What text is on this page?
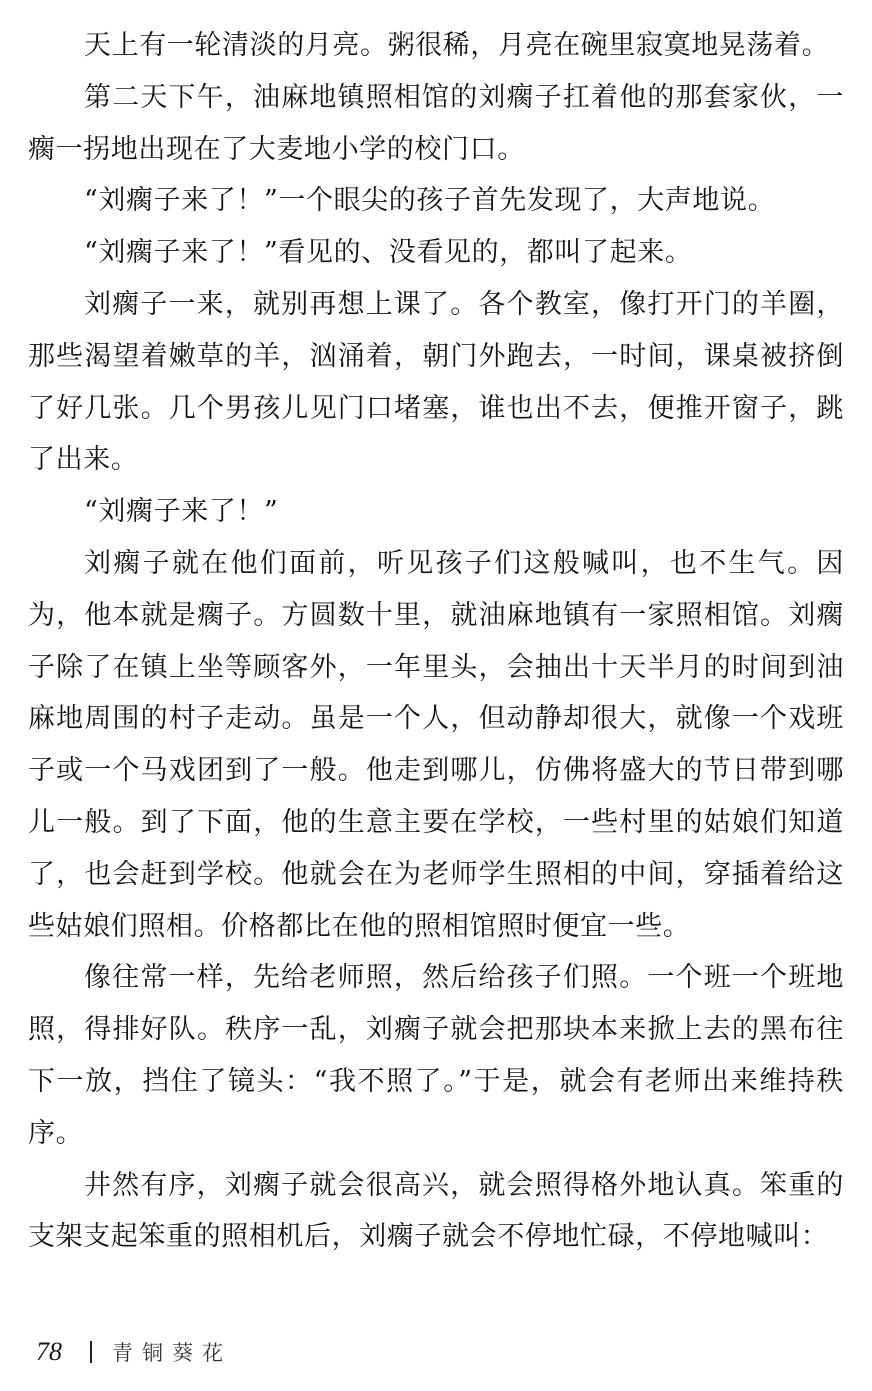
天上有一轮清淡的月亮。粥很稀，月亮在碗里寂寞地晃荡着。

第二天下午，油麻地镇照相馆的刘瘸子扛着他的那套家伙，一瘸一拐地出现在了大麦地小学的校门口。

“刘瘸子来了！”一个眼尖的孩子首先发现了，大声地说。

“刘瘸子来了！”看见的、没看见的，都叫了起来。

刘瘸子一来，就别再想上课了。各个教室，像打开门的羊圈，那些渴望着嫩草的羊，汹涌着，朝门外跑去，一时间，课桌被挤倒了好几张。几个男孩儿见门口堵塞，谁也出不去，便推开窗子，跳了出来。

“刘瘸子来了！”

刘瘸子就在他们面前，听见孩子们这般喊叫，也不生气。因为，他本就是瘸子。方圆数十里，就油麻地镇有一家照相馆。刘瘸子除了在镇上坐等顾客外，一年里头，会抽出十天半月的时间到油麻地周围的村子走动。虽是一个人，但动静却很大，就像一个戏班子或一个马戏团到了一般。他走到哪儿，仿佛将盛大的节日带到哪儿一般。到了下面，他的生意主要在学校，一些村里的姑娘们知道了，也会赶到学校。他就会在为老师学生照相的中间，穿插着给这些姑娘们照相。价格都比在他的照相馆照时便宜一些。

像往常一样，先给老师照，然后给孩子们照。一个班一个班地照，得排好队。秩序一乱，刘瘸子就会把那块本来掀上去的黑布往下一放，挡住了镜头：“我不照了。”于是，就会有老师出来维持秩序。

井然有序，刘瘸子就会很高兴，就会照得格外地认真。笨重的支架支起笨重的照相机后，刘瘸子就会不停地忙碌，不停地喊叫：

78	青铜葵花
